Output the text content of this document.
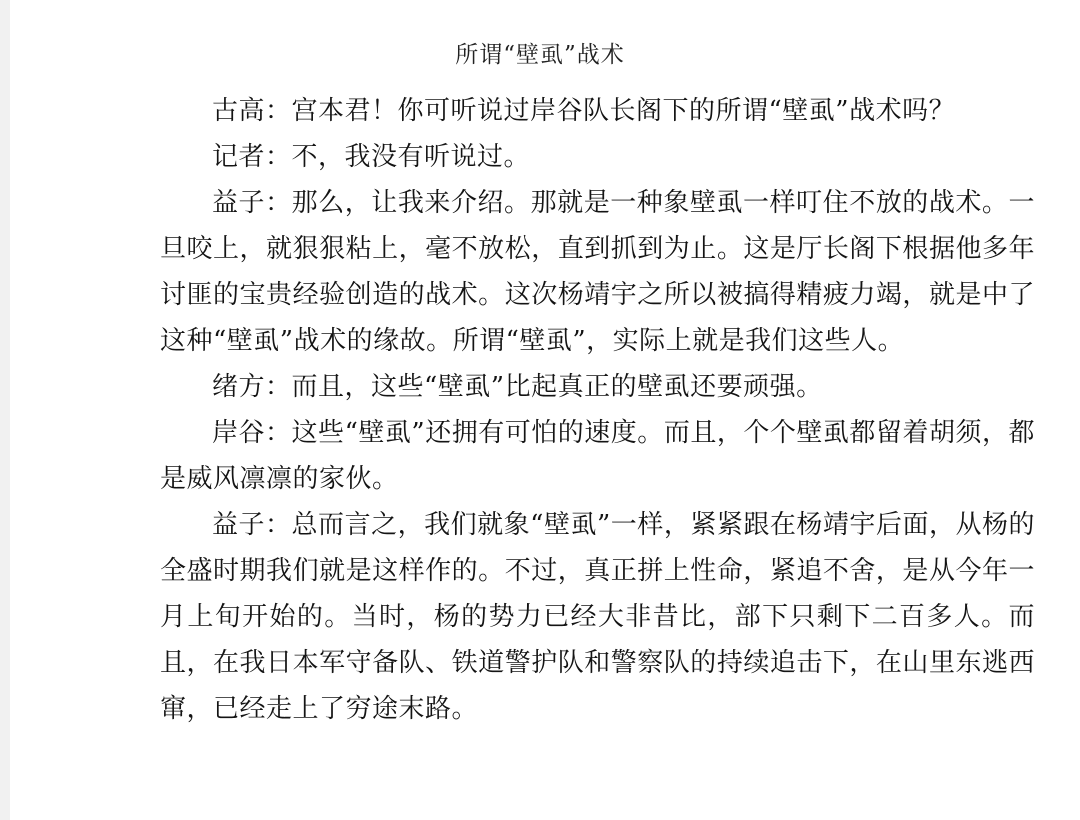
所谓“壁虱”战术

古高：宫本君！你可听说过岸谷队长阁下的所谓“壁虱”战术吗？

记者：不，我没有听说过。

益子：那么，让我来介绍。那就是一种象壁虱一样叮住不放的战术。一旦咬上，就狠狠粘上，毫不放松，直到抓到为止。这是厅长阁下根据他多年讨匪的宝贵经验创造的战术。这次杨靖宇之所以被搞得精疲力竭，就是中了这种“壁虱”战术的缘故。所谓“壁虱”，实际上就是我们这些人。

绪方：而且，这些“壁虱”比起真正的壁虱还要顽强。

岸谷：这些“壁虱”还拥有可怕的速度。而且，个个壁虱都留着胡须，都是威风凛凛的家伙。

益子：总而言之，我们就象“壁虱”一样，紧紧跟在杨靖宇后面，从杨的全盛时期我们就是这样作的。不过，真正拼上性命，紧追不舍，是从今年一月上旬开始的。当时，杨的势力已经大非昔比，部下只剩下二百多人。而且，在我日本军守备队、铁道警护队和警察队的持续追击下，在山里东逃西窜，已经走上了穷途末路。
